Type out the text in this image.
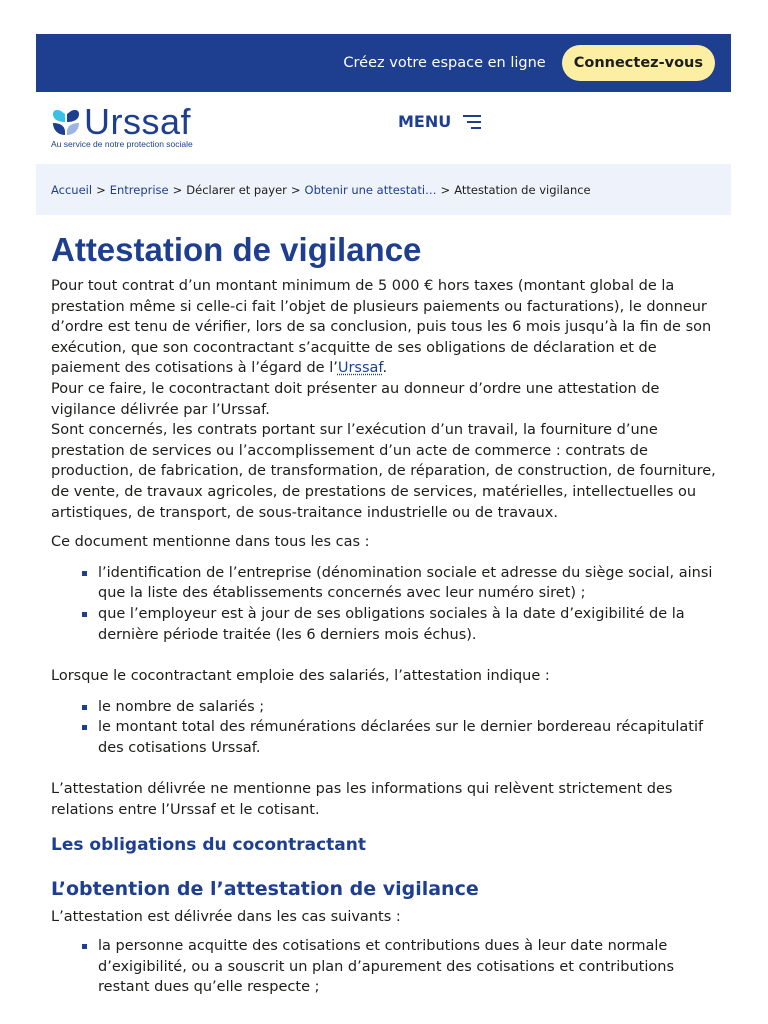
Créez votre espace en ligne	Connectez-vous
Urssaf
Au service de notre protection sociale
MENU
Accueil > Entreprise > Déclarer et payer > Obtenir une attestati… > Attestation de vigilance
Attestation de vigilance

Pour tout contrat d’un montant minimum de 5 000 € hors taxes (montant global de la prestation même si celle-ci fait l’objet de plusieurs paiements ou facturations), le donneur d’ordre est tenu de vérifier, lors de sa conclusion, puis tous les 6 mois jusqu’à la fin de son exécution, que son cocontractant s’acquitte de ses obligations de déclaration et de paiement des cotisations à l’égard de l’Urssaf.

Pour ce faire, le cocontractant doit présenter au donneur d’ordre une attestation de vigilance délivrée par l’Urssaf.

Sont concernés, les contrats portant sur l’exécution d’un travail, la fourniture d’une prestation de services ou l’accomplissement d’un acte de commerce : contrats de production, de fabrication, de transformation, de réparation, de construction, de fourniture, de vente, de travaux agricoles, de prestations de services, matérielles, intellectuelles ou artistiques, de transport, de sous-traitance industrielle ou de travaux.

Ce document mentionne dans tous les cas :

l’identification de l’entreprise (dénomination sociale et adresse du siège social, ainsi que la liste des établissements concernés avec leur numéro siret) ;
que l’employeur est à jour de ses obligations sociales à la date d’exigibilité de la dernière période traitée (les 6 derniers mois échus).

Lorsque le cocontractant emploie des salariés, l’attestation indique :

le nombre de salariés ;
le montant total des rémunérations déclarées sur le dernier bordereau récapitulatif des cotisations Urssaf.

L’attestation délivrée ne mentionne pas les informations qui relèvent strictement des relations entre l’Urssaf et le cotisant.

Les obligations du cocontractant
L’obtention de l’attestation de vigilance

L’attestation est délivrée dans les cas suivants :

la personne acquitte des cotisations et contributions dues à leur date normale d’exigibilité, ou a souscrit un plan d’apurement des cotisations et contributions restant dues qu’elle respecte ;
